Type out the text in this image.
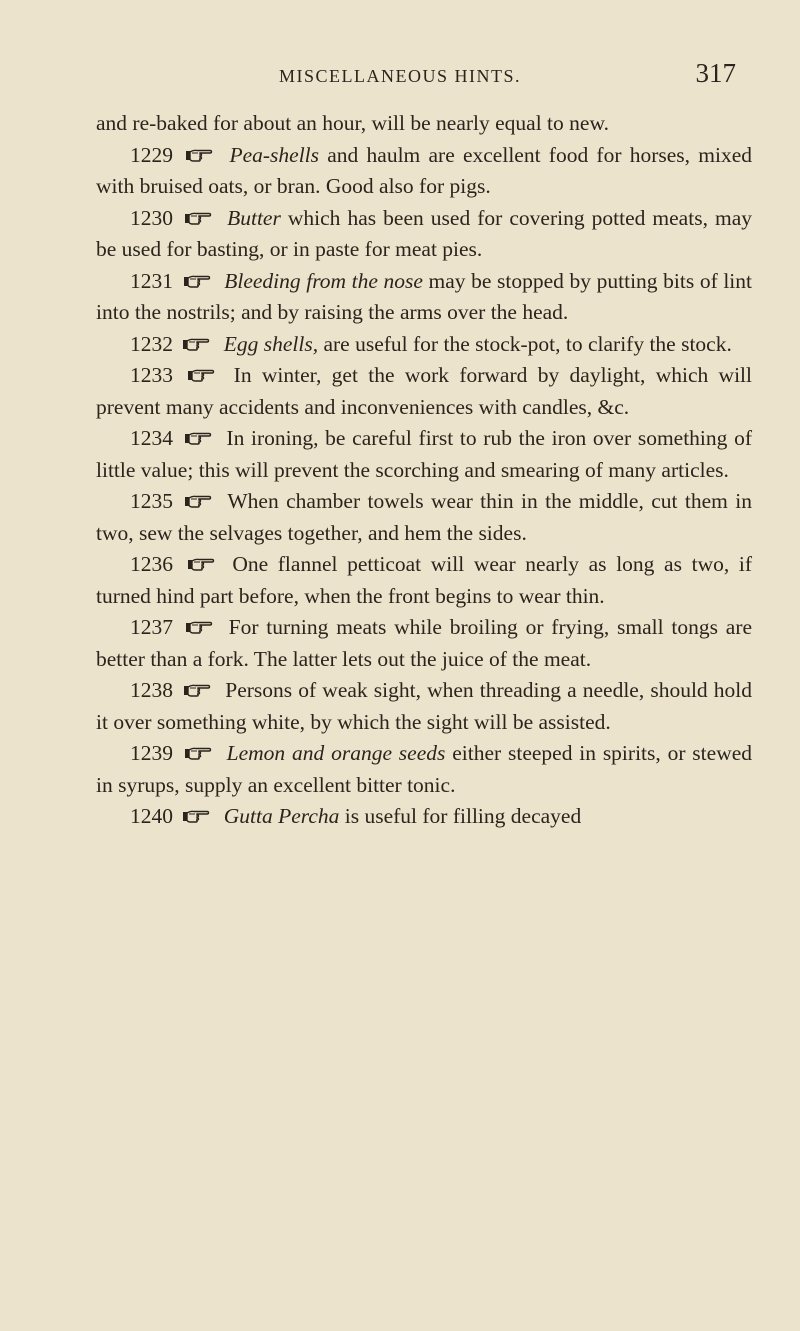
MISCELLANEOUS HINTS.	317

and re-baked for about an hour, will be nearly equal to new.

1229	Pea-shells and haulm are excellent food for horses, mixed with bruised oats, or bran. Good also for pigs.

1230	Butter which has been used for covering potted meats, may be used for basting, or in paste for meat pies.

1231 Bleeding from the nose may be stopped by putting bits of lint into the nostrils; and by raising the arms over the head.

1232 Egg shells, are useful for the stock-pot, to clarify the stock.

1233	In winter, get the work forward by daylight, which will prevent many accidents and inconveniences with candles, &c.

1234 In ironing, be careful first to rub the iron over something of little value; this will prevent the scorching and smearing of many articles.

1235	When chamber towels wear thin in the middle, cut them in two, sew the selvages together, and hem the sides.

1236	One flannel petticoat will wear nearly as long as two, if turned hind part before, when the front begins to wear thin.

1237	For turning meats while broiling or frying, small tongs are better than a fork. The latter lets out the juice of the meat.

1238 Persons of weak sight, when threading a needle, should hold it over something white, by which the sight will be assisted.

1239 Lemon and orange seeds either steeped in spirits, or stewed in syrups, supply an excellent bitter tonic.

1240 Gutta Percha is useful for filling decayed
